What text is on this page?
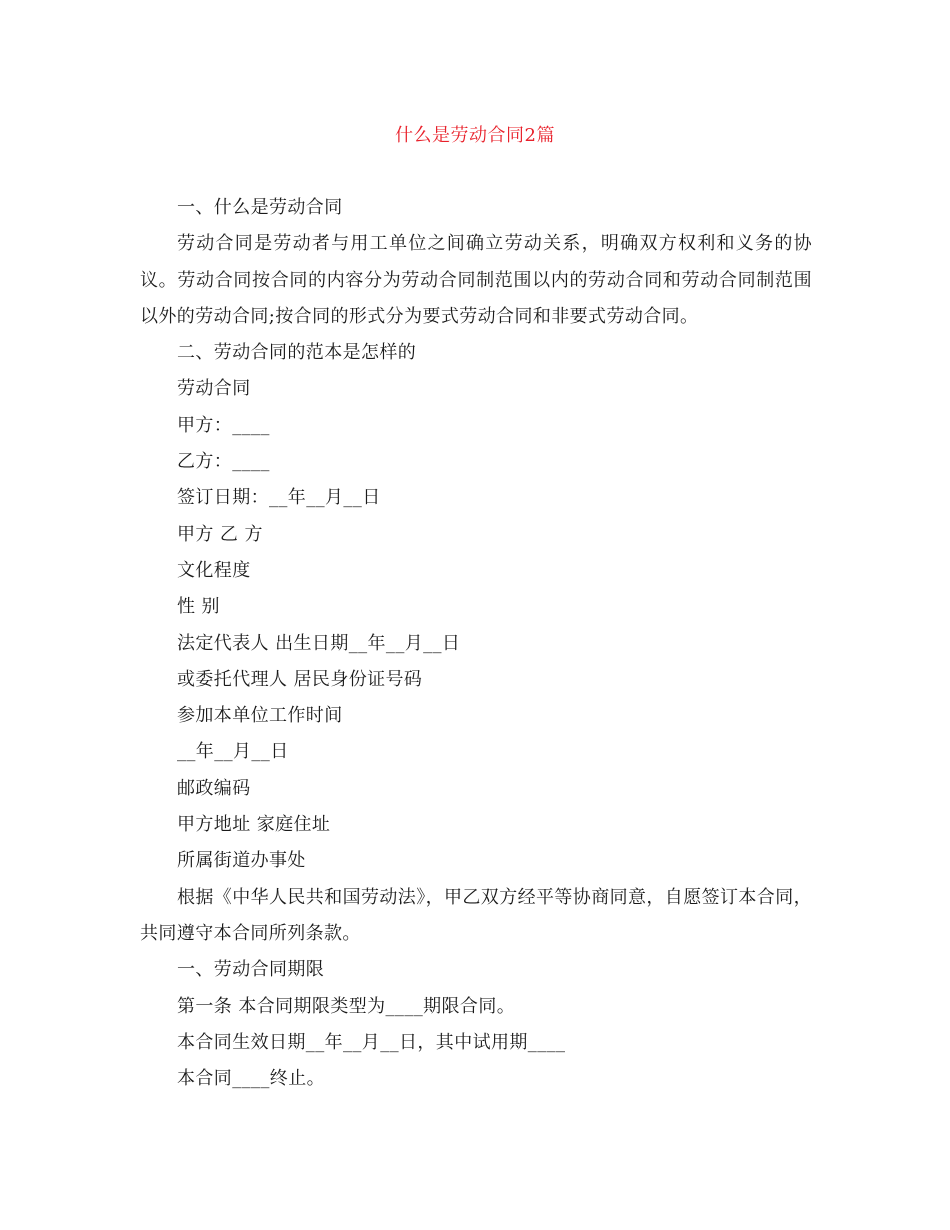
什么是劳动合同2篇

一、什么是劳动合同

劳动合同是劳动者与用工单位之间确立劳动关系，明确双方权利和义务的协议。劳动合同按合同的内容分为劳动合同制范围以内的劳动合同和劳动合同制范围以外的劳动合同;按合同的形式分为要式劳动合同和非要式劳动合同。

二、劳动合同的范本是怎样的

劳动合同

甲方：____

乙方：____

签订日期：__年__月__日

甲方 乙 方

文化程度

性 别

法定代表人 出生日期__年__月__日

或委托代理人 居民身份证号码

参加本单位工作时间

__年__月__日

邮政编码

甲方地址 家庭住址

所属街道办事处

根据《中华人民共和国劳动法》，甲乙双方经平等协商同意，自愿签订本合同，共同遵守本合同所列条款。

一、劳动合同期限

第一条 本合同期限类型为____期限合同。

本合同生效日期__年__月__日，其中试用期____

本合同____终止。
